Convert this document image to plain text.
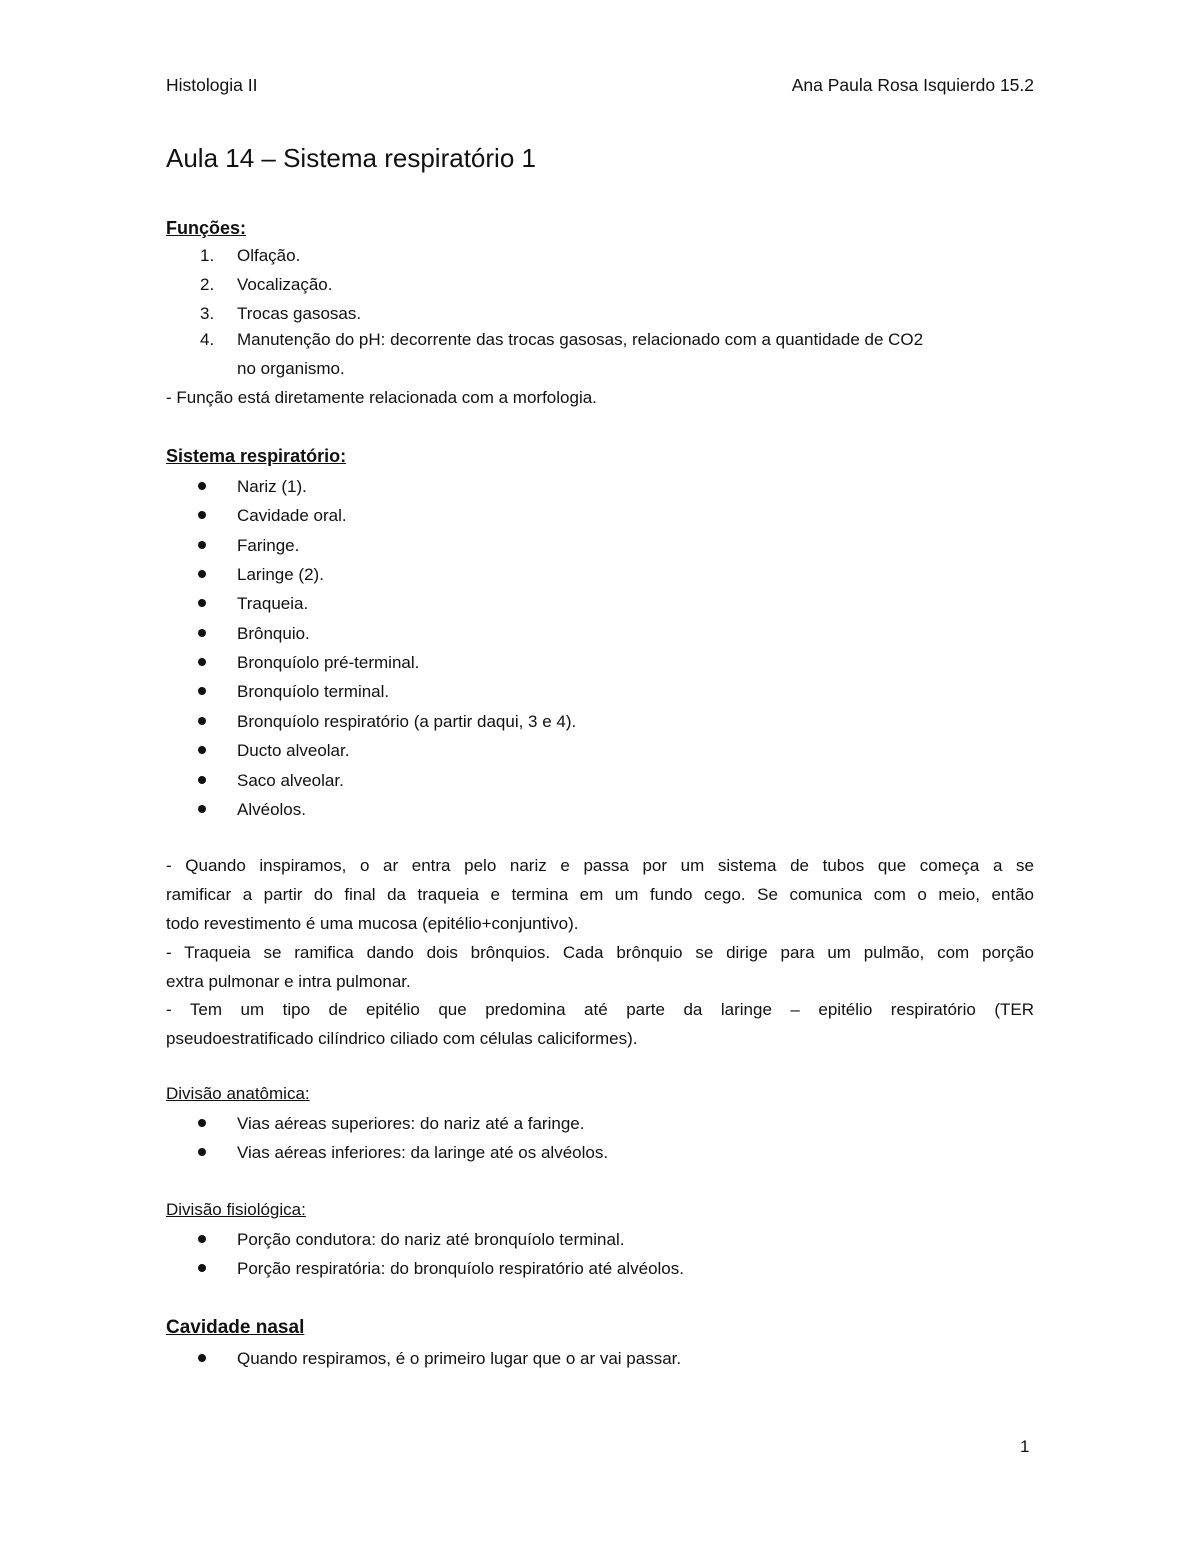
Histologia II	Ana Paula Rosa Isquierdo 15.2
Aula 14 – Sistema respiratório 1
Funções:
1. Olfação.
2. Vocalização.
3. Trocas gasosas.
4. Manutenção do pH: decorrente das trocas gasosas, relacionado com a quantidade de CO2
no organismo.
- Função está diretamente relacionada com a morfologia.
Sistema respiratório:
Nariz (1).
Cavidade oral.
Faringe.
Laringe (2).
Traqueia.
Brônquio.
Bronquíolo pré-terminal.
Bronquíolo terminal.
Bronquíolo respiratório (a partir daqui, 3 e 4).
Ducto alveolar.
Saco alveolar.
Alvéolos.
- Quando inspiramos, o ar entra pelo nariz e passa por um sistema de tubos que começa a se
ramificar a partir do final da traqueia e termina em um fundo cego. Se comunica com o meio, então
todo revestimento é uma mucosa (epitélio+conjuntivo).
- Traqueia se ramifica dando dois brônquios. Cada brônquio se dirige para um pulmão, com porção
extra pulmonar e intra pulmonar.
- Tem um tipo de epitélio que predomina até parte da laringe – epitélio respiratório (TER
pseudoestratificado cilíndrico ciliado com células caliciformes).
Divisão anatômica:
Vias aéreas superiores: do nariz até a faringe.
Vias aéreas inferiores: da laringe até os alvéolos.
Divisão fisiológica:
Porção condutora: do nariz até bronquíolo terminal.
Porção respiratória: do bronquíolo respiratório até alvéolos.
Cavidade nasal
Quando respiramos, é o primeiro lugar que o ar vai passar.
1
